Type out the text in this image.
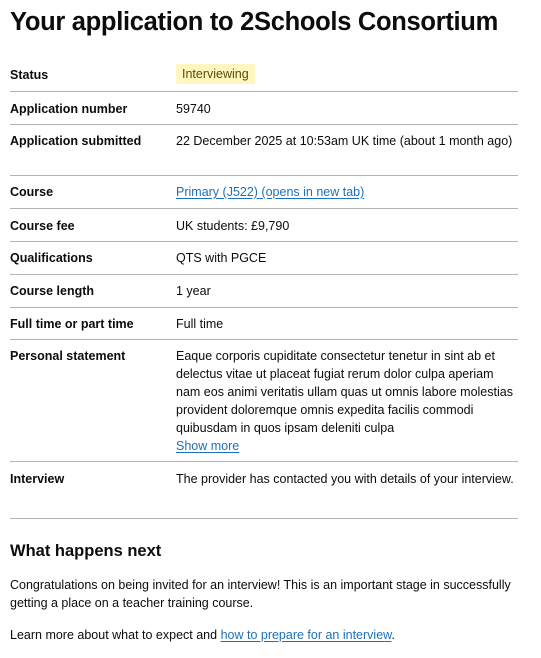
Your application to 2Schools Consortium
Status	Interviewing
Application number	59740
Application submitted	22 December 2025 at 10:53am UK time (about 1 month ago)
Course	Primary (J522) (opens in new tab)
Course fee	UK students: £9,790
Qualifications	QTS with PGCE
Course length	1 year
Full time or part time	Full time
Personal statement	Eaque corporis cupiditate consectetur tenetur in sint ab et delectus vitae ut placeat fugiat rerum dolor culpa aperiam nam eos animi veritatis ullam quas ut omnis labore molestias provident doloremque omnis expedita facilis commodi quibusdam in quos ipsam deleniti culpa
Show more
Interview	The provider has contacted you with details of your interview.
What happens next

Congratulations on being invited for an interview! This is an important stage in successfully getting a place on a teacher training course.

Learn more about what to expect and how to prepare for an interview.
